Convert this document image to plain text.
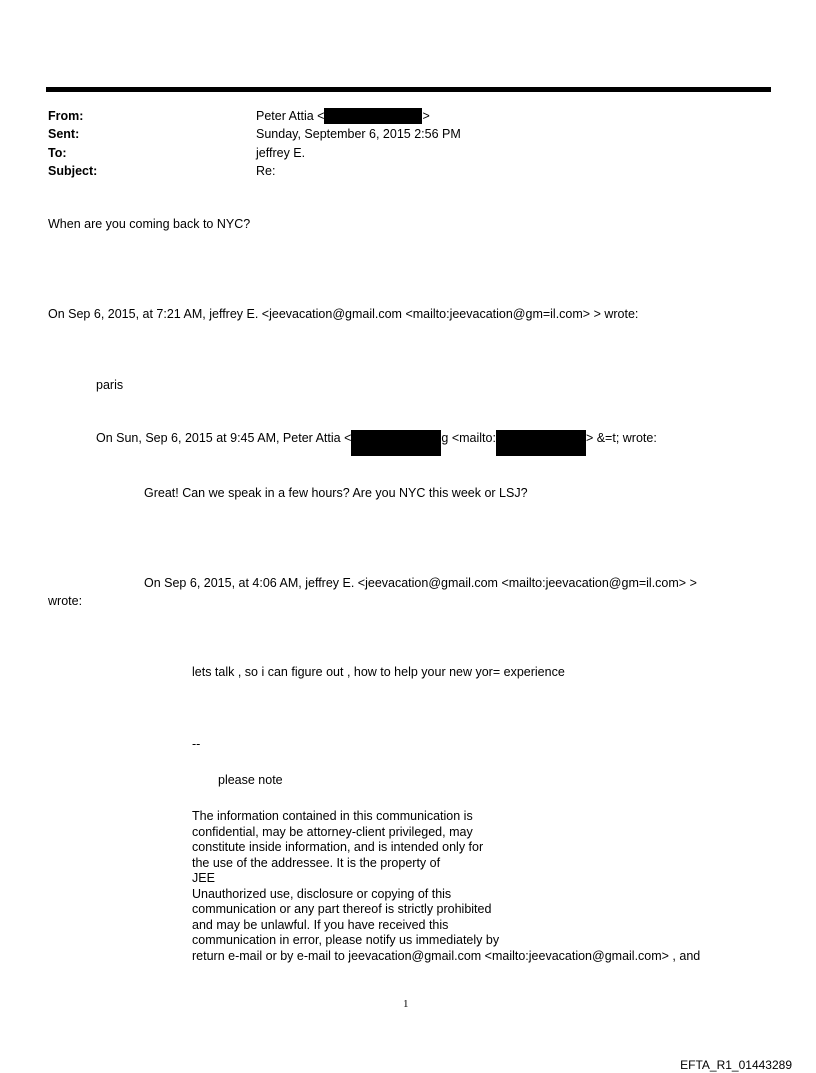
From:	Peter Attia <	>
Sent:	Sunday, September 6, 2015 2:56 PM
To:	jeffrey E.
Subject:	Re:
When are you coming back to NYC?
On Sep 6, 2015, at 7:21 AM, jeffrey E. <jeevacation@gmail.com <mailto:jeevacation@gm=il.com> > wrote:
paris
On Sun, Sep 6, 2015 at 9:45 AM, Peter Attia <	g <mailto:	> &=t; wrote:
Great! Can we speak in a few hours? Are you NYC this week or LSJ?
On Sep 6, 2015, at 4:06 AM, jeffrey E. <jeevacation@gmail.com <mailto:jeevacation@gm=il.com> >
wrote:
lets talk , so i can figure out , how to help your new yor= experience
--
please note
The information contained in this communication is
confidential, may be attorney-client privileged, may
constitute inside information, and is intended only for
the use of the addressee. It is the property of
JEE
Unauthorized use, disclosure or copying of this
communication or any part thereof is strictly prohibited
and may be unlawful. If you have received this
communication in error, please notify us immediately by
return e-mail or by e-mail to jeevacation@gmail.com <mailto:jeevacation@gmail.com> , and
1
EFTA_R1_01443289
